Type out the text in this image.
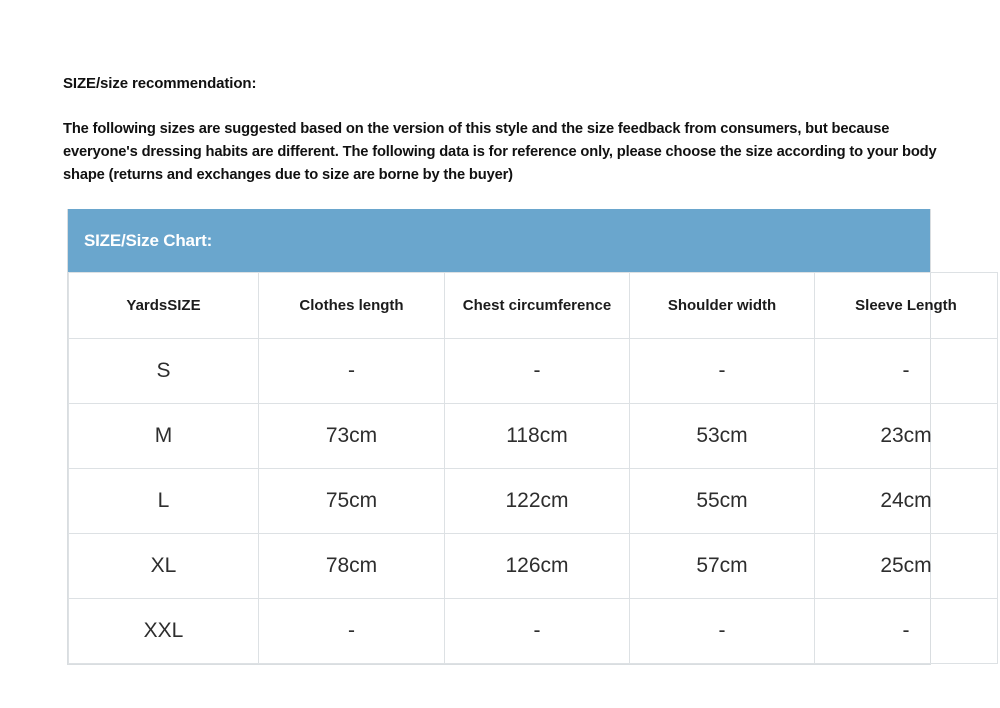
SIZE/size recommendation:
The following sizes are suggested based on the version of this style and the size feedback from consumers, but because everyone's dressing habits are different. The following data is for reference only, please choose the size according to your body shape (returns and exchanges due to size are borne by the buyer)
SIZE/Size Chart:
YardsSIZE	Clothes length	Chest circumference	Shoulder width	Sleeve Length
S	-	-	-	-
M	73cm	118cm	53cm	23cm
L	75cm	122cm	55cm	24cm
XL	78cm	126cm	57cm	25cm
XXL	-	-	-	-
